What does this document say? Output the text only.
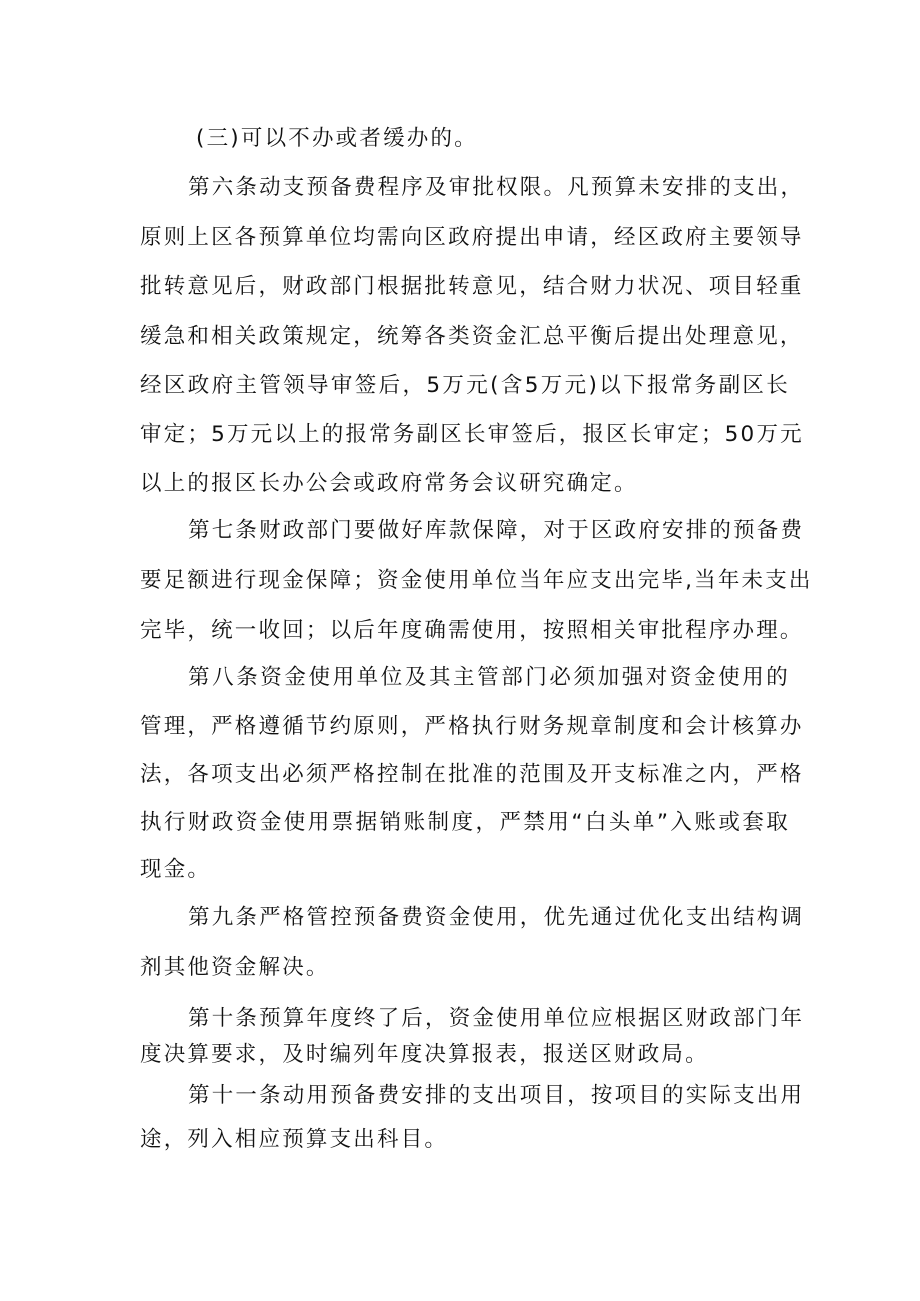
(三)可以不办或者缓办的。
第六条动支预备费程序及审批权限。凡预算未安排的支出，
原则上区各预算单位均需向区政府提出申请，经区政府主要领导
批转意见后，财政部门根据批转意见，结合财力状况、项目轻重
缓急和相关政策规定，统筹各类资金汇总平衡后提出处理意见，
经区政府主管领导审签后，5万元(含5万元)以下报常务副区长
审定；5万元以上的报常务副区长审签后，报区长审定；50万元
以上的报区长办公会或政府常务会议研究确定。
第七条财政部门要做好库款保障，对于区政府安排的预备费
要足额进行现金保障；资金使用单位当年应支出完毕,当年未支出
完毕，统一收回；以后年度确需使用，按照相关审批程序办理。
第八条资金使用单位及其主管部门必须加强对资金使用的
管理，严格遵循节约原则，严格执行财务规章制度和会计核算办
法，各项支出必须严格控制在批准的范围及开支标准之内，严格
执行财政资金使用票据销账制度，严禁用“白头单”入账或套取
现金。
第九条严格管控预备费资金使用，优先通过优化支出结构调
剂其他资金解决。
第十条预算年度终了后，资金使用单位应根据区财政部门年
度决算要求，及时编列年度决算报表，报送区财政局。
第十一条动用预备费安排的支出项目，按项目的实际支出用
途，列入相应预算支出科目。
